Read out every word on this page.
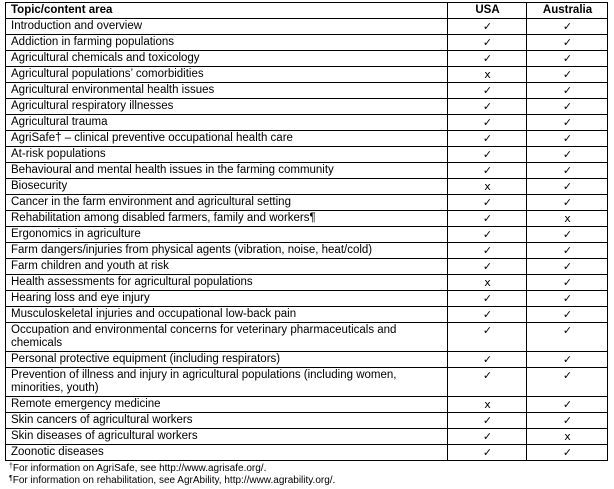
Topic/content area	USA	Australia
Introduction and overview	✓	✓
Addiction in farming populations	✓	✓
Agricultural chemicals and toxicology	✓	✓
Agricultural populations’ comorbidities	x	✓
Agricultural environmental health issues	✓	✓
Agricultural respiratory illnesses	✓	✓
Agricultural trauma	✓	✓
AgriSafe† – clinical preventive occupational health care	✓	✓
At-risk populations	✓	✓
Behavioural and mental health issues in the farming community	✓	✓
Biosecurity	x	✓
Cancer in the farm environment and agricultural setting	✓	✓
Rehabilitation among disabled farmers, family and workers¶	✓	x
Ergonomics in agriculture	✓	✓
Farm dangers/injuries from physical agents (vibration, noise, heat/cold)	✓	✓
Farm children and youth at risk	✓	✓
Health assessments for agricultural populations	x	✓
Hearing loss and eye injury	✓	✓
Musculoskeletal injuries and occupational low-back pain	✓	✓
Occupation and environmental concerns for veterinary pharmaceuticals and chemicals	✓	✓
Personal protective equipment (including respirators)	✓	✓
Prevention of illness and injury in agricultural populations (including women, minorities, youth)	✓	✓
Remote emergency medicine	x	✓
Skin cancers of agricultural workers	✓	✓
Skin diseases of agricultural workers	✓	x
Zoonotic diseases	✓	✓
†For information on AgriSafe, see http://www.agrisafe.org/.
¶For information on rehabilitation, see AgrAbility, http://www.agrability.org/.
